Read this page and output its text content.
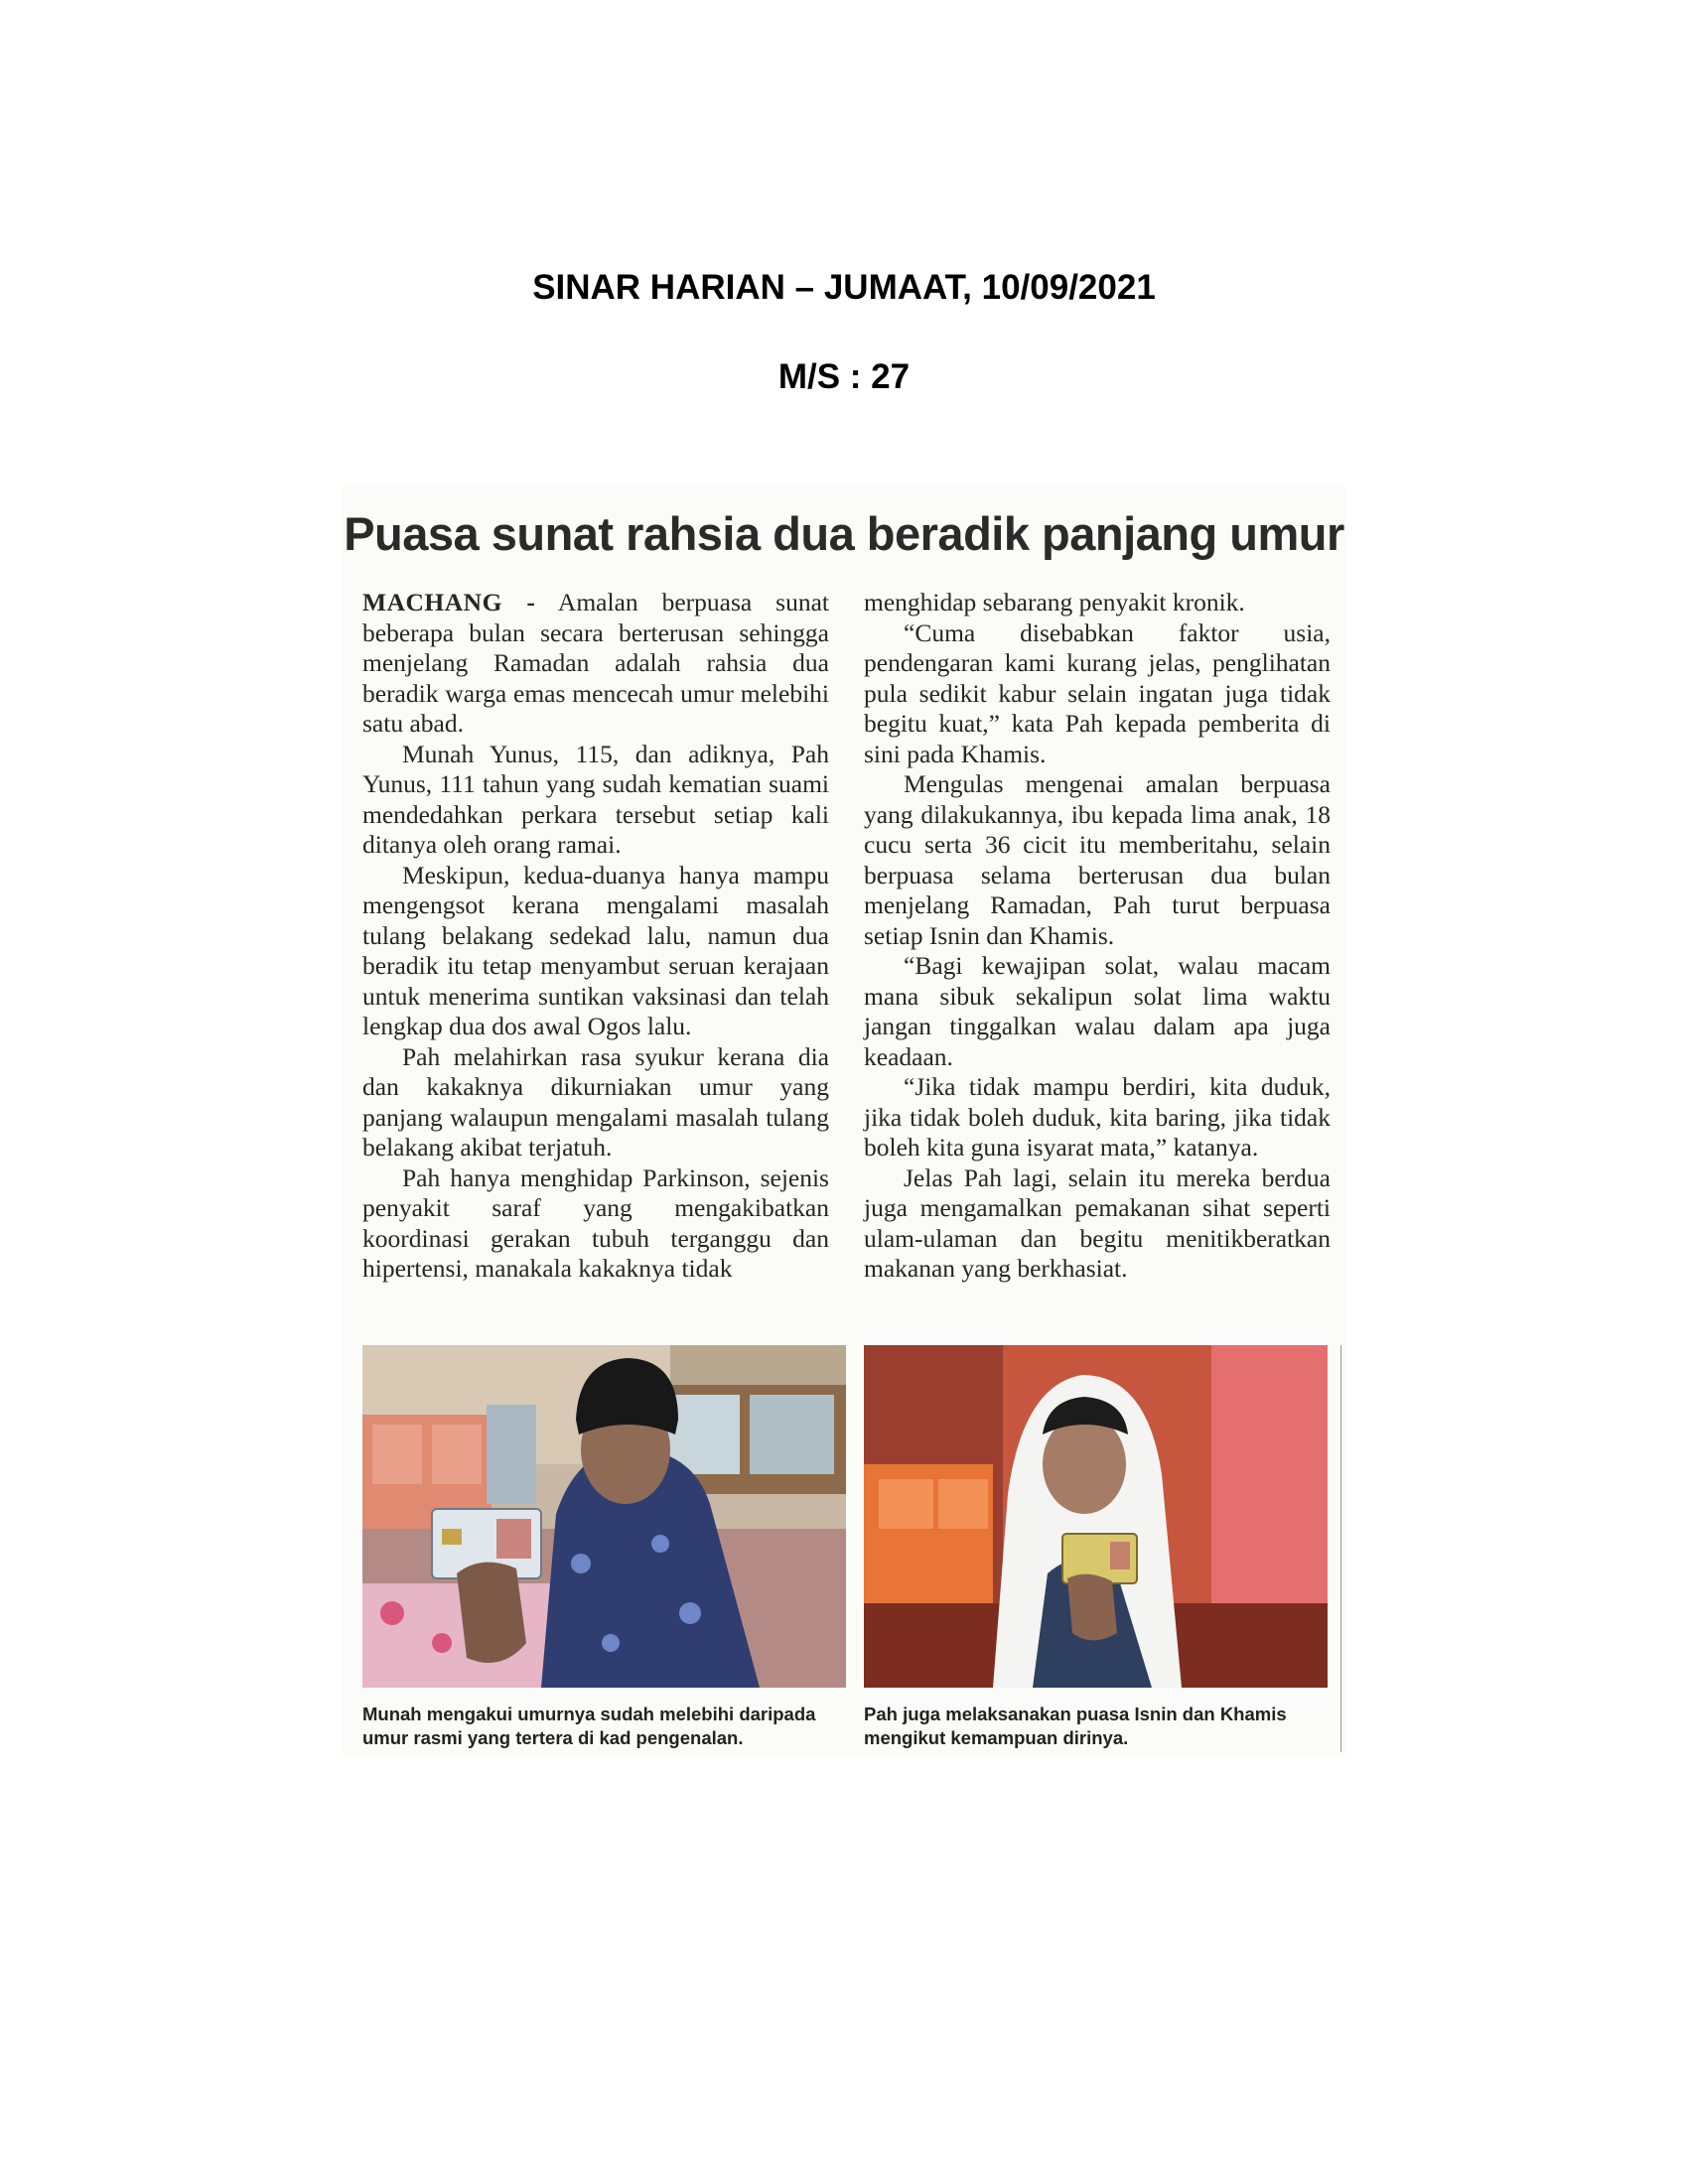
SINAR HARIAN – JUMAAT, 10/09/2021
M/S : 27
Puasa sunat rahsia dua beradik panjang umur

MACHANG - Amalan berpuasa sunat beberapa bulan secara berterusan sehingga menjelang Ramadan adalah rahsia dua beradik warga emas mencecah umur melebihi satu abad.

Munah Yunus, 115, dan adiknya, Pah Yunus, 111 tahun yang sudah kematian suami mendedahkan perkara tersebut setiap kali ditanya oleh orang ramai.

Meskipun, kedua-duanya hanya mampu mengengsot kerana mengalami masalah tulang belakang sedekad lalu, namun dua beradik itu tetap menyambut seruan kerajaan untuk menerima suntikan vaksinasi dan telah lengkap dua dos awal Ogos lalu.

Pah melahirkan rasa syukur kerana dia dan kakaknya dikurniakan umur yang panjang walaupun mengalami masalah tulang belakang akibat terjatuh.

Pah hanya menghidap Parkinson, sejenis penyakit saraf yang mengakibatkan koordinasi gerakan tubuh terganggu dan hipertensi, manakala kakaknya tidak

menghidap sebarang penyakit kronik.

“Cuma disebabkan faktor usia, pendengaran kami kurang jelas, penglihatan pula sedikit kabur selain ingatan juga tidak begitu kuat,” kata Pah kepada pemberita di sini pada Khamis.

Mengulas mengenai amalan berpuasa yang dilakukannya, ibu kepada lima anak, 18 cucu serta 36 cicit itu memberitahu, selain berpuasa selama berterusan dua bulan menjelang Ramadan, Pah turut berpuasa setiap Isnin dan Khamis.

“Bagi kewajipan solat, walau macam mana sibuk sekalipun solat lima waktu jangan tinggalkan walau dalam apa juga keadaan.

“Jika tidak mampu berdiri, kita duduk, jika tidak boleh duduk, kita baring, jika tidak boleh kita guna isyarat mata,” katanya.

Jelas Pah lagi, selain itu mereka berdua juga mengamalkan pemakanan sihat seperti ulam-ulaman dan begitu menitikberatkan makanan yang berkhasiat.

Munah mengakui umurnya sudah melebihi daripada umur rasmi yang tertera di kad pengenalan.
Pah juga melaksanakan puasa Isnin dan Khamis mengikut kemampuan dirinya.
